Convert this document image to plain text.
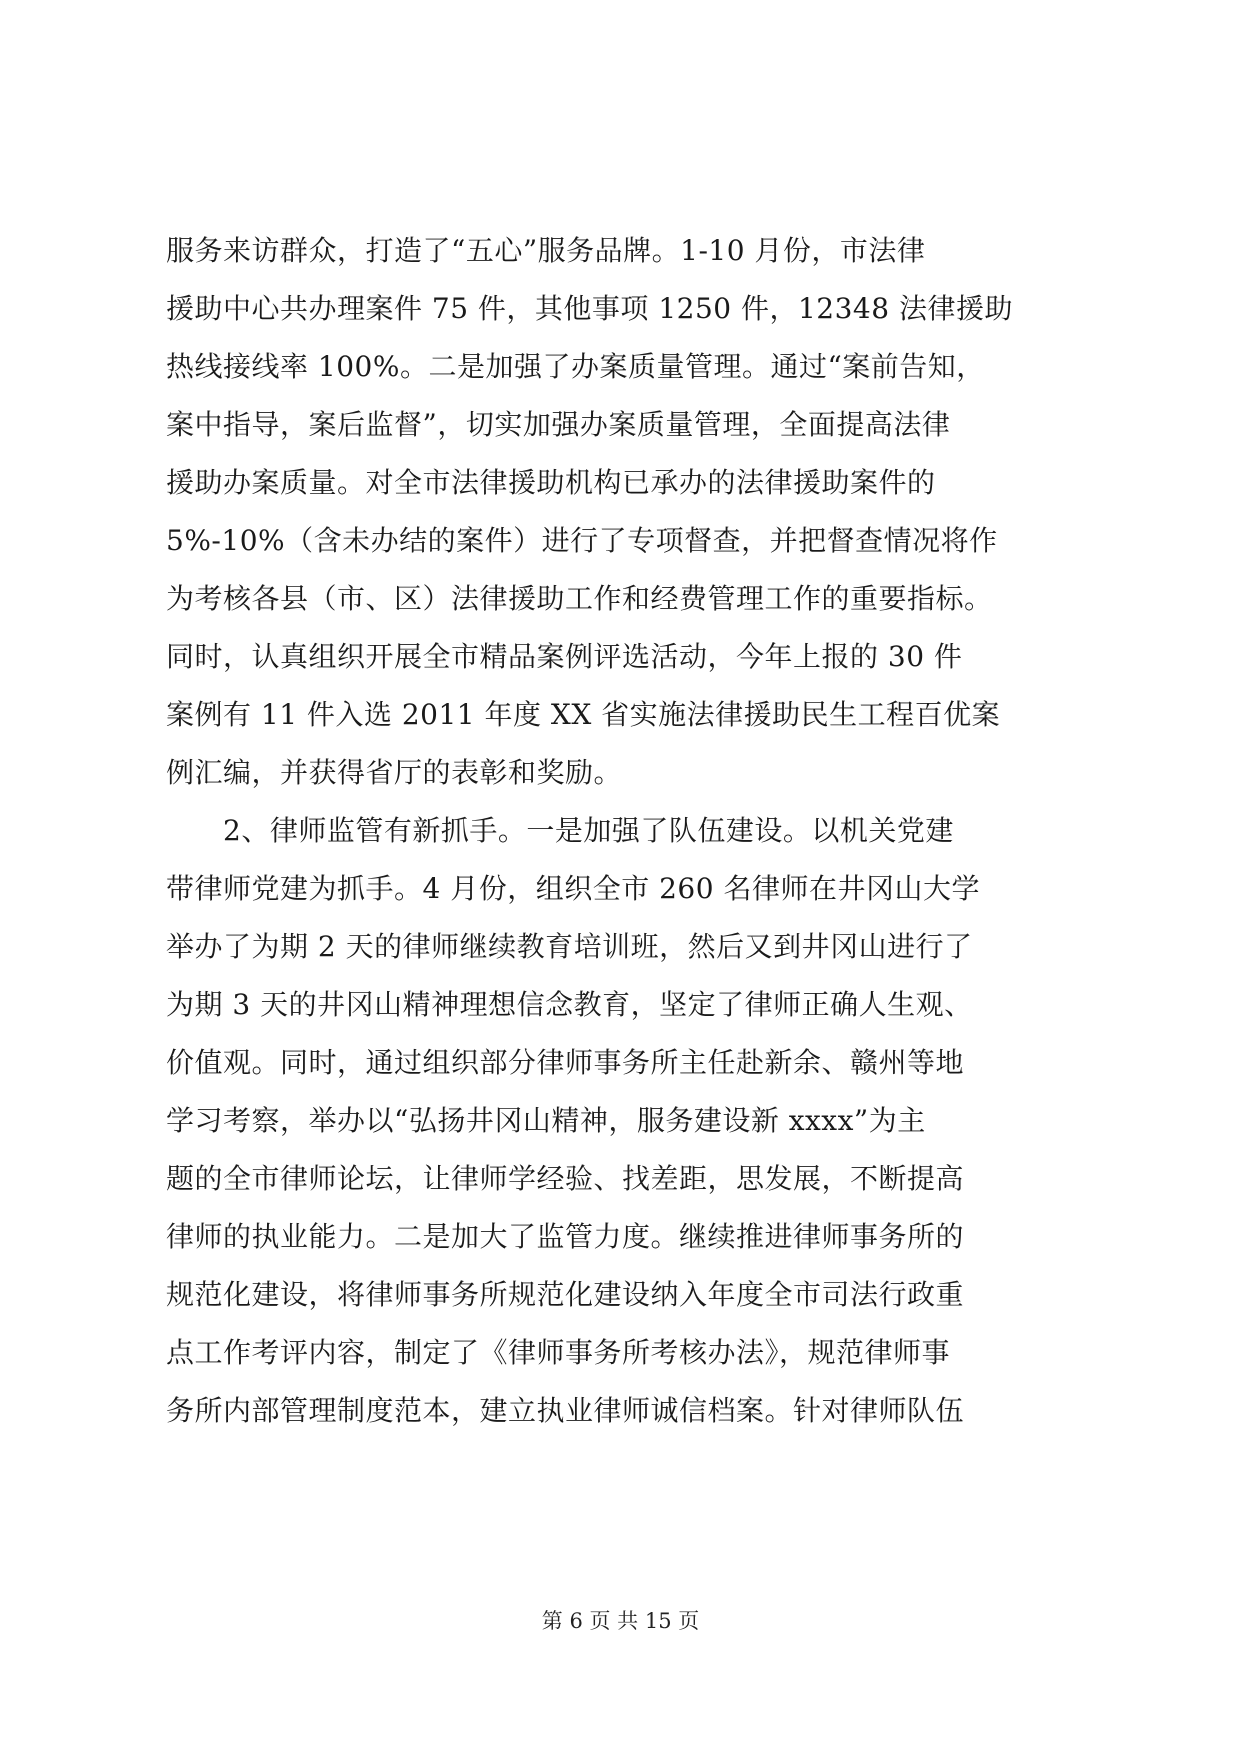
服务来访群众，打造了“五心”服务品牌。1-10 月份，市法律
援助中心共办理案件 75 件，其他事项 1250 件，12348 法律援助
热线接线率 100%。二是加强了办案质量管理。通过“案前告知，
案中指导，案后监督”，切实加强办案质量管理，全面提高法律
援助办案质量。对全市法律援助机构已承办的法律援助案件的
5%-10%（含未办结的案件）进行了专项督查，并把督查情况将作
为考核各县（市、区）法律援助工作和经费管理工作的重要指标。
同时，认真组织开展全市精品案例评选活动，今年上报的 30 件
案例有 11 件入选 2011 年度 XX 省实施法律援助民生工程百优案
例汇编，并获得省厅的表彰和奖励。
　　2、律师监管有新抓手。一是加强了队伍建设。以机关党建
带律师党建为抓手。4 月份，组织全市 260 名律师在井冈山大学
举办了为期 2 天的律师继续教育培训班，然后又到井冈山进行了
为期 3 天的井冈山精神理想信念教育，坚定了律师正确人生观、
价值观。同时，通过组织部分律师事务所主任赴新余、赣州等地
学习考察，举办以“弘扬井冈山精神，服务建设新 xxxx”为主
题的全市律师论坛，让律师学经验、找差距，思发展，不断提高
律师的执业能力。二是加大了监管力度。继续推进律师事务所的
规范化建设，将律师事务所规范化建设纳入年度全市司法行政重
点工作考评内容，制定了《律师事务所考核办法》，规范律师事
务所内部管理制度范本，建立执业律师诚信档案。针对律师队伍
第 6 页 共 15 页
